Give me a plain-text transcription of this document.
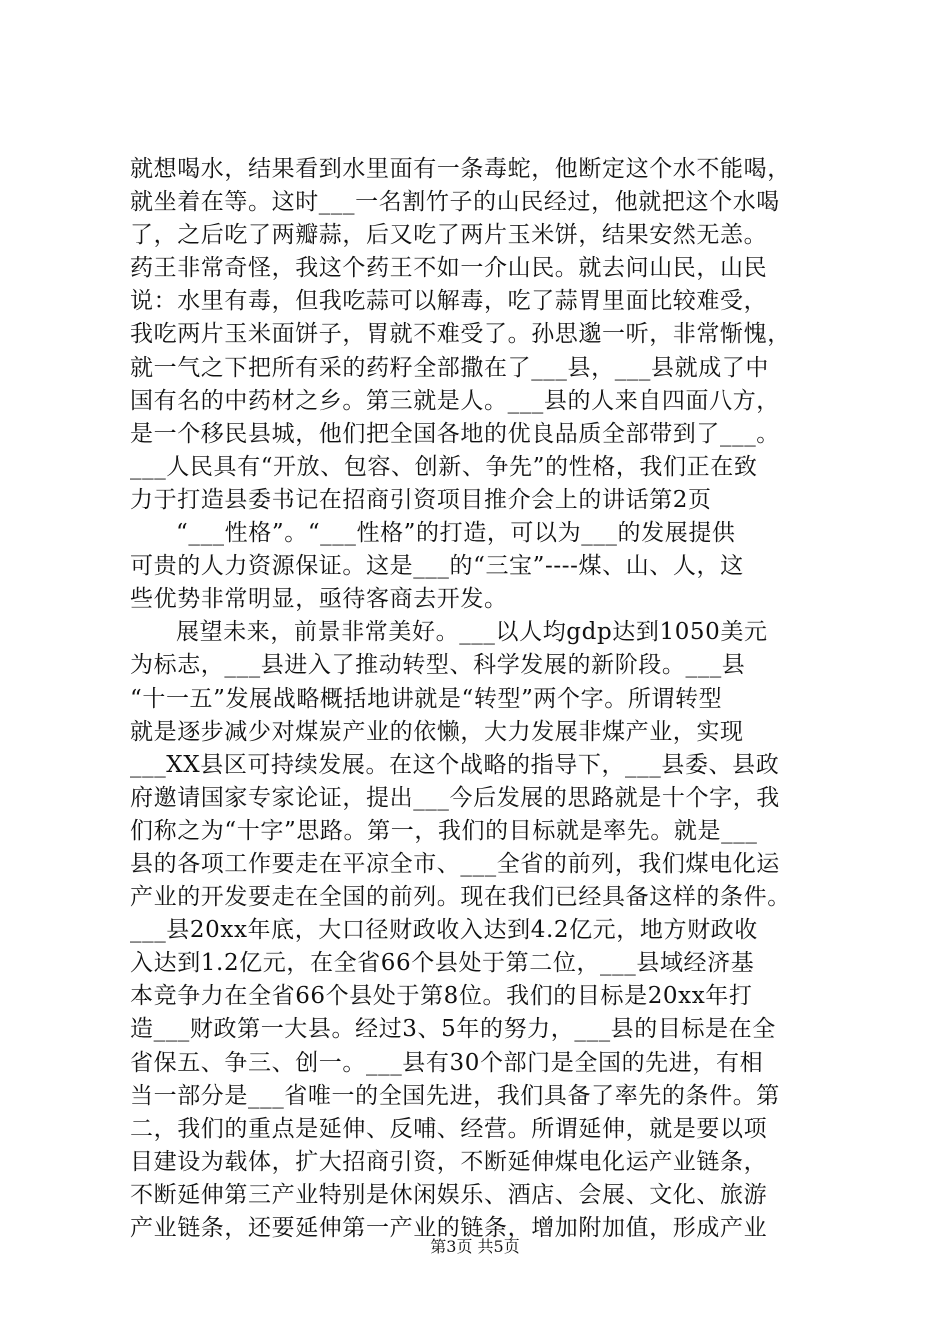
就想喝水，结果看到水里面有一条毒蛇，他断定这个水不能喝，
就坐着在等。这时___一名割竹子的山民经过，他就把这个水喝
了，之后吃了两瓣蒜，后又吃了两片玉米饼，结果安然无恙。
药王非常奇怪，我这个药王不如一介山民。就去问山民，山民
说：水里有毒，但我吃蒜可以解毒，吃了蒜胃里面比较难受，
我吃两片玉米面饼子，胃就不难受了。孙思邈一听，非常惭愧，
就一气之下把所有采的药籽全部撒在了___县，___县就成了中
国有名的中药材之乡。第三就是人。___县的人来自四面八方，
是一个移民县城，他们把全国各地的优良品质全部带到了___。
___人民具有“开放、包容、创新、争先”的性格，我们正在致
力于打造县委书记在招商引资项目推介会上的讲话第2页
“___性格”。“___性格”的打造，可以为___的发展提供
可贵的人力资源保证。这是___的“三宝”----煤、山、人，这
些优势非常明显，亟待客商去开发。
展望未来，前景非常美好。___以人均gdp达到1050美元
为标志，___县进入了推动转型、科学发展的新阶段。___县
“十一五”发展战略概括地讲就是“转型”两个字。所谓转型
就是逐步减少对煤炭产业的依懒，大力发展非煤产业，实现
___XX县区可持续发展。在这个战略的指导下，___县委、县政
府邀请国家专家论证，提出___今后发展的思路就是十个字，我
们称之为“十字”思路。第一，我们的目标就是率先。就是___
县的各项工作要走在平凉全市、___全省的前列，我们煤电化运
产业的开发要走在全国的前列。现在我们已经具备这样的条件。
___县20xx年底，大口径财政收入达到4.2亿元，地方财政收
入达到1.2亿元，在全省66个县处于第二位，___县域经济基
本竞争力在全省66个县处于第8位。我们的目标是20xx年打
造___财政第一大县。经过3、5年的努力，___县的目标是在全
省保五、争三、创一。___县有30个部门是全国的先进，有相
当一部分是___省唯一的全国先进，我们具备了率先的条件。第
二，我们的重点是延伸、反哺、经营。所谓延伸，就是要以项
目建设为载体，扩大招商引资，不断延伸煤电化运产业链条，
不断延伸第三产业特别是休闲娱乐、酒店、会展、文化、旅游
产业链条，还要延伸第一产业的链条，增加附加值，形成产业
第3页 共5页
